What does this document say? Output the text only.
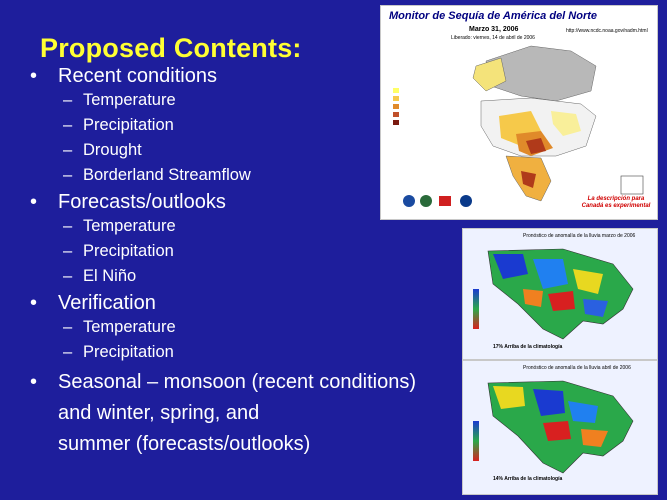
Proposed Contents:
• Recent conditions
– Temperature
– Precipitation
– Drought
– Borderland Streamflow
• Forecasts/outlooks
– Temperature
– Precipitation
– El Niño
• Verification
– Temperature
– Precipitation
• Seasonal – monsoon (recent conditions)
and winter, spring, and
summer (forecasts/outlooks)
Monitor de Sequía de América del Norte
Marzo 31, 2006
Liberado: viernes, 14 de abril de 2006
http://www.ncdc.noaa.gov/nadm.html
La descripción para Canadá es experimental
Pronóstico de anomalía de la lluvia marzo de 2006
17% Arriba de la climatología
Pronóstico de anomalía de la lluvia abril de 2006
14% Arriba de la climatología
